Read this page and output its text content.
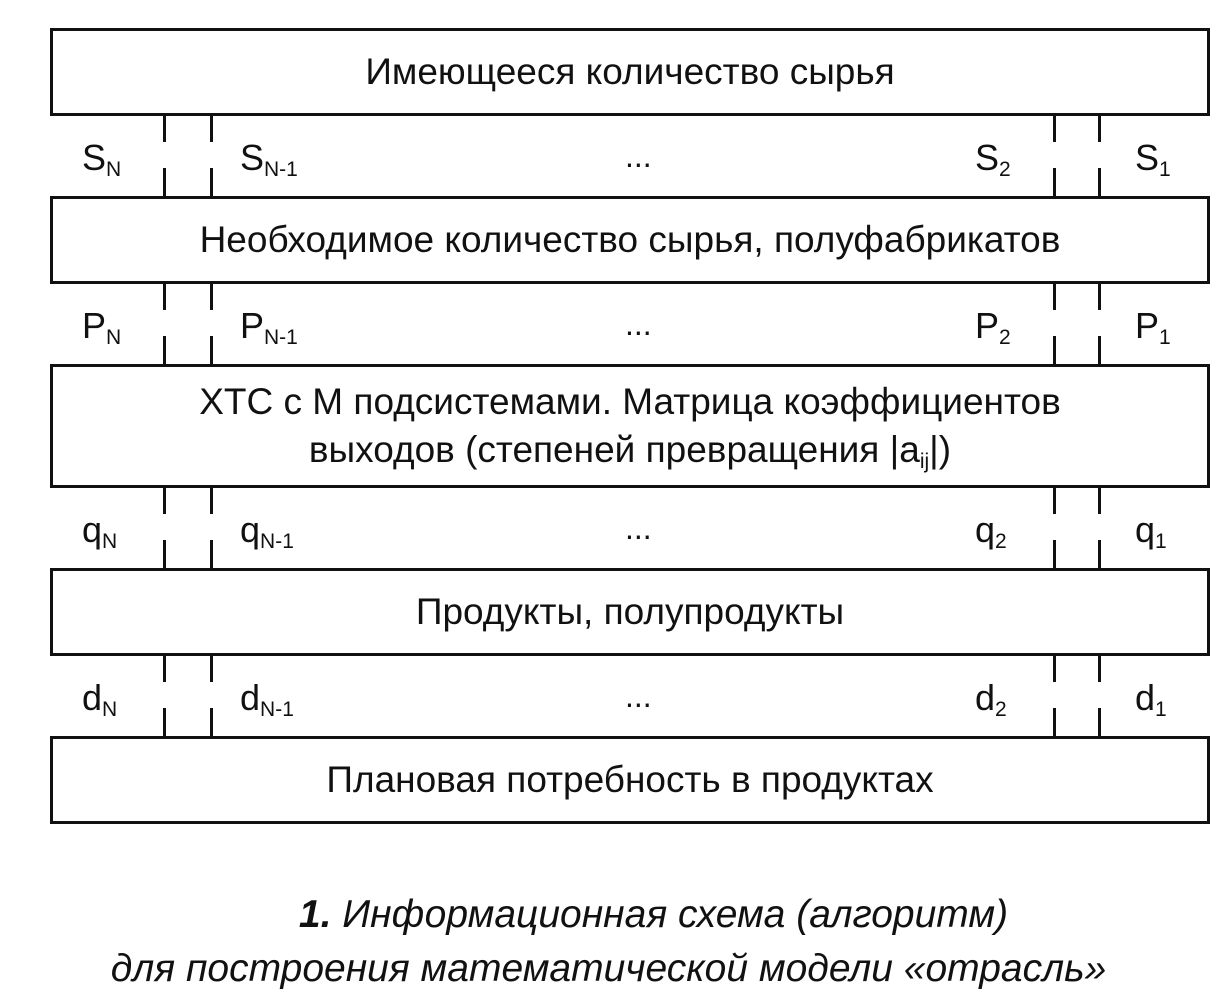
Имеющееся количество сырья
$S_N$	$S_{N-1}$	...	$S_2$	$S_1$
Необходимое количество сырья, полуфабрикатов
$P_N$	$P_{N-1}$	...	$P_2$	$P_1$
ХТС с М подсистемами. Матрица коэффициентов
выходов (степеней превращения $|a_{ij}|$)
$q_N$	$q_{N-1}$	...	$q_2$	$q_1$
Продукты, полупродукты
$d_N$	$d_{N-1}$	...	$d_2$	$d_1$
Плановая потребность в продуктах
1. Информационная схема (алгоритм)
для построения математической модели «отрасль»
